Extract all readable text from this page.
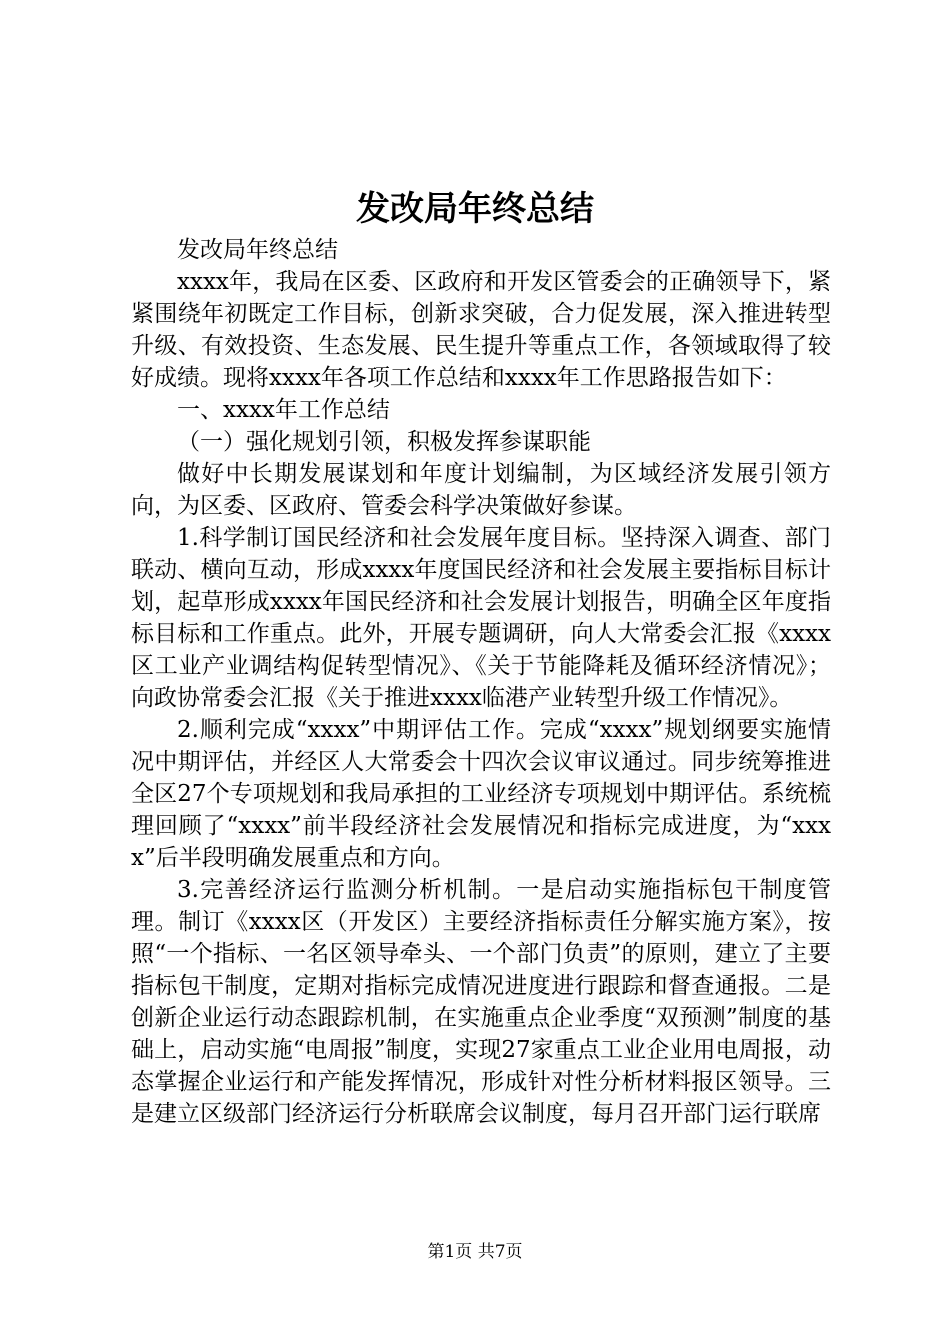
发改局年终总结

发改局年终总结

xxxx年，我局在区委、区政府和开发区管委会的正确领导下，紧紧围绕年初既定工作目标，创新求突破，合力促发展，深入推进转型升级、有效投资、生态发展、民生提升等重点工作，各领域取得了较好成绩。现将xxxx年各项工作总结和xxxx年工作思路报告如下：

一、xxxx年工作总结

（一）强化规划引领，积极发挥参谋职能

做好中长期发展谋划和年度计划编制，为区域经济发展引领方向，为区委、区政府、管委会科学决策做好参谋。

1.科学制订国民经济和社会发展年度目标。坚持深入调查、部门联动、横向互动，形成xxxx年度国民经济和社会发展主要指标目标计划，起草形成xxxx年国民经济和社会发展计划报告，明确全区年度指标目标和工作重点。此外，开展专题调研，向人大常委会汇报《xxxx区工业产业调结构促转型情况》、《关于节能降耗及循环经济情况》；向政协常委会汇报《关于推进xxxx临港产业转型升级工作情况》。

2.顺利完成“xxxx”中期评估工作。完成“xxxx”规划纲要实施情况中期评估，并经区人大常委会十四次会议审议通过。同步统筹推进全区27个专项规划和我局承担的工业经济专项规划中期评估。系统梳理回顾了“xxxx”前半段经济社会发展情况和指标完成进度，为“xxxx”后半段明确发展重点和方向。

3.完善经济运行监测分析机制。一是启动实施指标包干制度管理。制订《xxxx区（开发区）主要经济指标责任分解实施方案》，按照“一个指标、一名区领导牵头、一个部门负责”的原则，建立了主要指标包干制度，定期对指标完成情况进度进行跟踪和督查通报。二是创新企业运行动态跟踪机制，在实施重点企业季度“双预测”制度的基础上，启动实施“电周报”制度，实现27家重点工业企业用电周报，动态掌握企业运行和产能发挥情况，形成针对性分析材料报区领导。三是建立区级部门经济运行分析联席会议制度，每月召开部门运行联席

第1页 共7页
